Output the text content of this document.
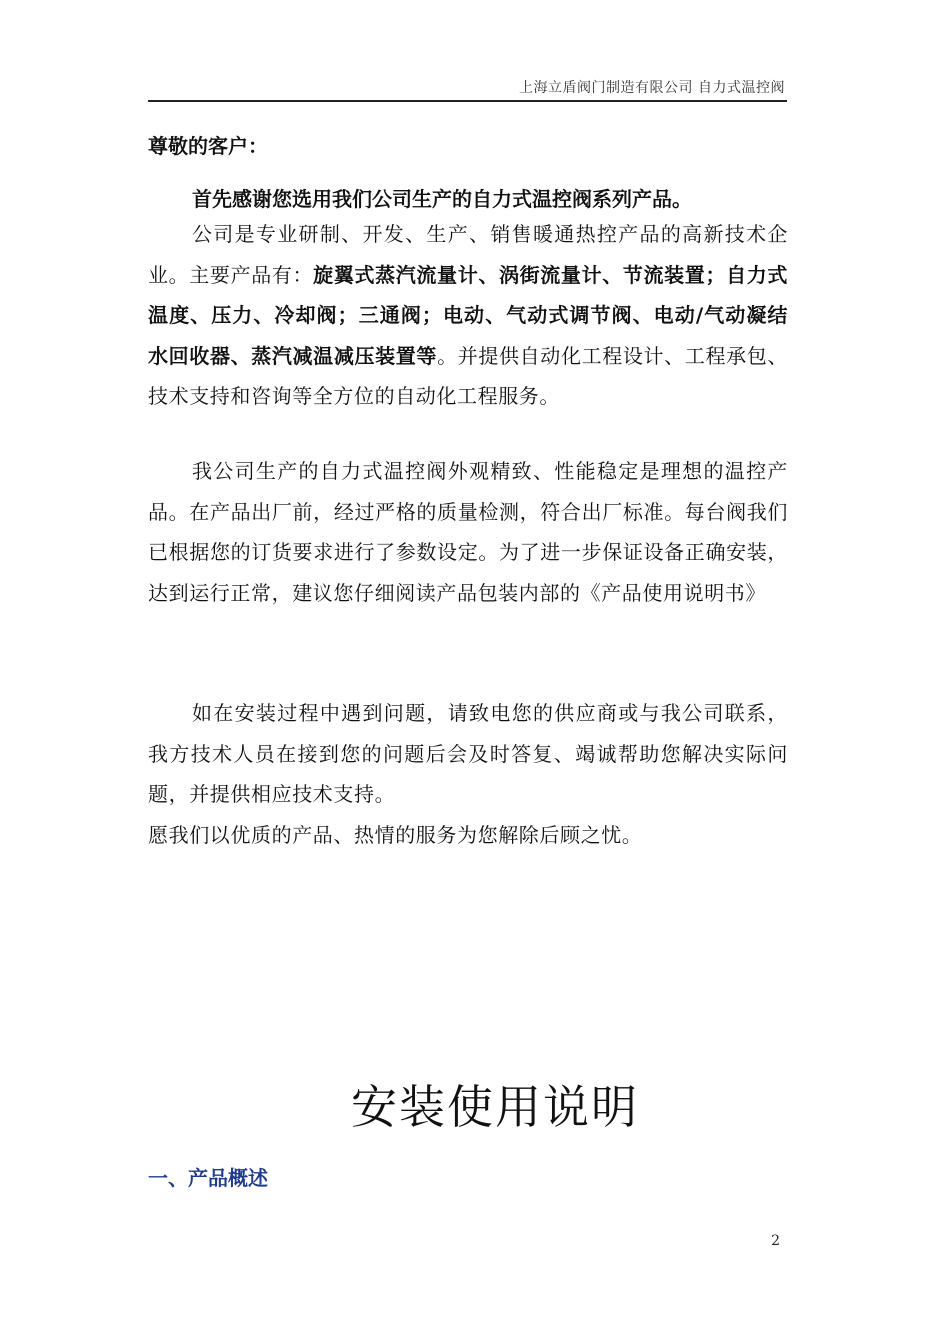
上海立盾阀门制造有限公司 自力式温控阀
尊敬的客户：
首先感谢您选用我们公司生产的自力式温控阀系列产品。

公司是专业研制、开发、生产、销售暖通热控产品的高新技术企业。主要产品有：旋翼式蒸汽流量计、涡街流量计、节流装置；自力式温度、压力、冷却阀；三通阀；电动、气动式调节阀、电动/气动凝结水回收器、蒸汽减温减压装置等。并提供自动化工程设计、工程承包、技术支持和咨询等全方位的自动化工程服务。

我公司生产的自力式温控阀外观精致、性能稳定是理想的温控产品。在产品出厂前，经过严格的质量检测，符合出厂标准。每台阀我们已根据您的订货要求进行了参数设定。为了进一步保证设备正确安装，达到运行正常，建议您仔细阅读产品包装内部的《产品使用说明书》

如在安装过程中遇到问题，请致电您的供应商或与我公司联系，我方技术人员在接到您的问题后会及时答复、竭诚帮助您解决实际问题，并提供相应技术支持。

愿我们以优质的产品、热情的服务为您解除后顾之忧。

安装使用说明
一、产品概述
2
